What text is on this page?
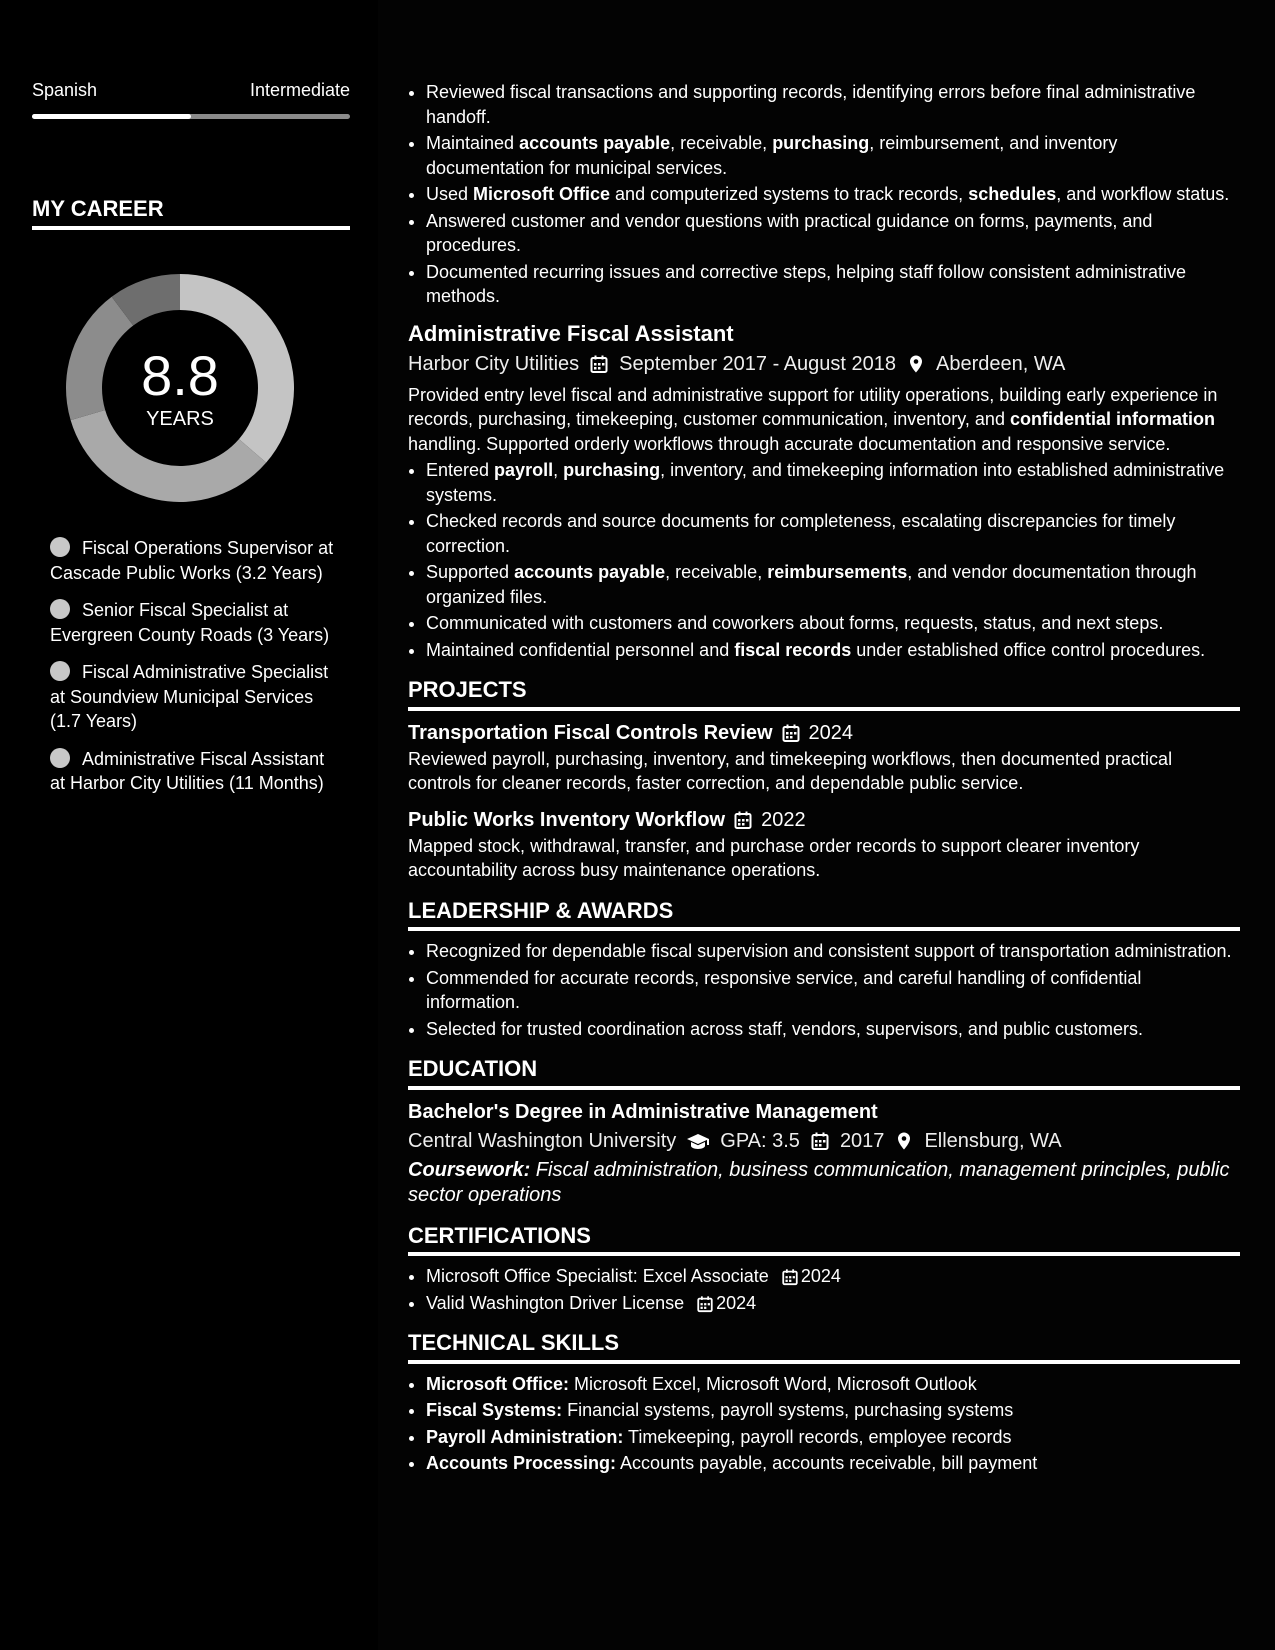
Spanish	Intermediate
MY CAREER
8.8
YEARS
Fiscal Operations Supervisor at Cascade Public Works (3.2 Years)
Senior Fiscal Specialist at Evergreen County Roads (3 Years)
Fiscal Administrative Specialist at Soundview Municipal Services (1.7 Years)
Administrative Fiscal Assistant at Harbor City Utilities (11 Months)
• Reviewed fiscal transactions and supporting records, identifying errors before final administrative handoff.
• Maintained accounts payable, receivable, purchasing, reimbursement, and inventory documentation for municipal services.
• Used Microsoft Office and computerized systems to track records, schedules, and workflow status.
• Answered customer and vendor questions with practical guidance on forms, payments, and procedures.
• Documented recurring issues and corrective steps, helping staff follow consistent administrative methods.
Administrative Fiscal Assistant
Harbor City Utilities September 2017 - August 2018 Aberdeen, WA
Provided entry level fiscal and administrative support for utility operations, building early experience in records, purchasing, timekeeping, customer communication, inventory, and confidential information handling. Supported orderly workflows through accurate documentation and responsive service.
• Entered payroll, purchasing, inventory, and timekeeping information into established administrative systems.
• Checked records and source documents for completeness, escalating discrepancies for timely correction.
• Supported accounts payable, receivable, reimbursements, and vendor documentation through organized files.
• Communicated with customers and coworkers about forms, requests, status, and next steps.
• Maintained confidential personnel and fiscal records under established office control procedures.
PROJECTS
Transportation Fiscal Controls Review 2024
Reviewed payroll, purchasing, inventory, and timekeeping workflows, then documented practical controls for cleaner records, faster correction, and dependable public service.
Public Works Inventory Workflow 2022
Mapped stock, withdrawal, transfer, and purchase order records to support clearer inventory accountability across busy maintenance operations.
LEADERSHIP & AWARDS
• Recognized for dependable fiscal supervision and consistent support of transportation administration.
• Commended for accurate records, responsive service, and careful handling of confidential information.
• Selected for trusted coordination across staff, vendors, supervisors, and public customers.
EDUCATION
Bachelor's Degree in Administrative Management
Central Washington University GPA: 3.5 2017 Ellensburg, WA
Coursework: Fiscal administration, business communication, management principles, public sector operations
CERTIFICATIONS
• Microsoft Office Specialist: Excel Associate 2024
• Valid Washington Driver License 2024
TECHNICAL SKILLS
• Microsoft Office: Microsoft Excel, Microsoft Word, Microsoft Outlook
• Fiscal Systems: Financial systems, payroll systems, purchasing systems
• Payroll Administration: Timekeeping, payroll records, employee records
• Accounts Processing: Accounts payable, accounts receivable, bill payment
